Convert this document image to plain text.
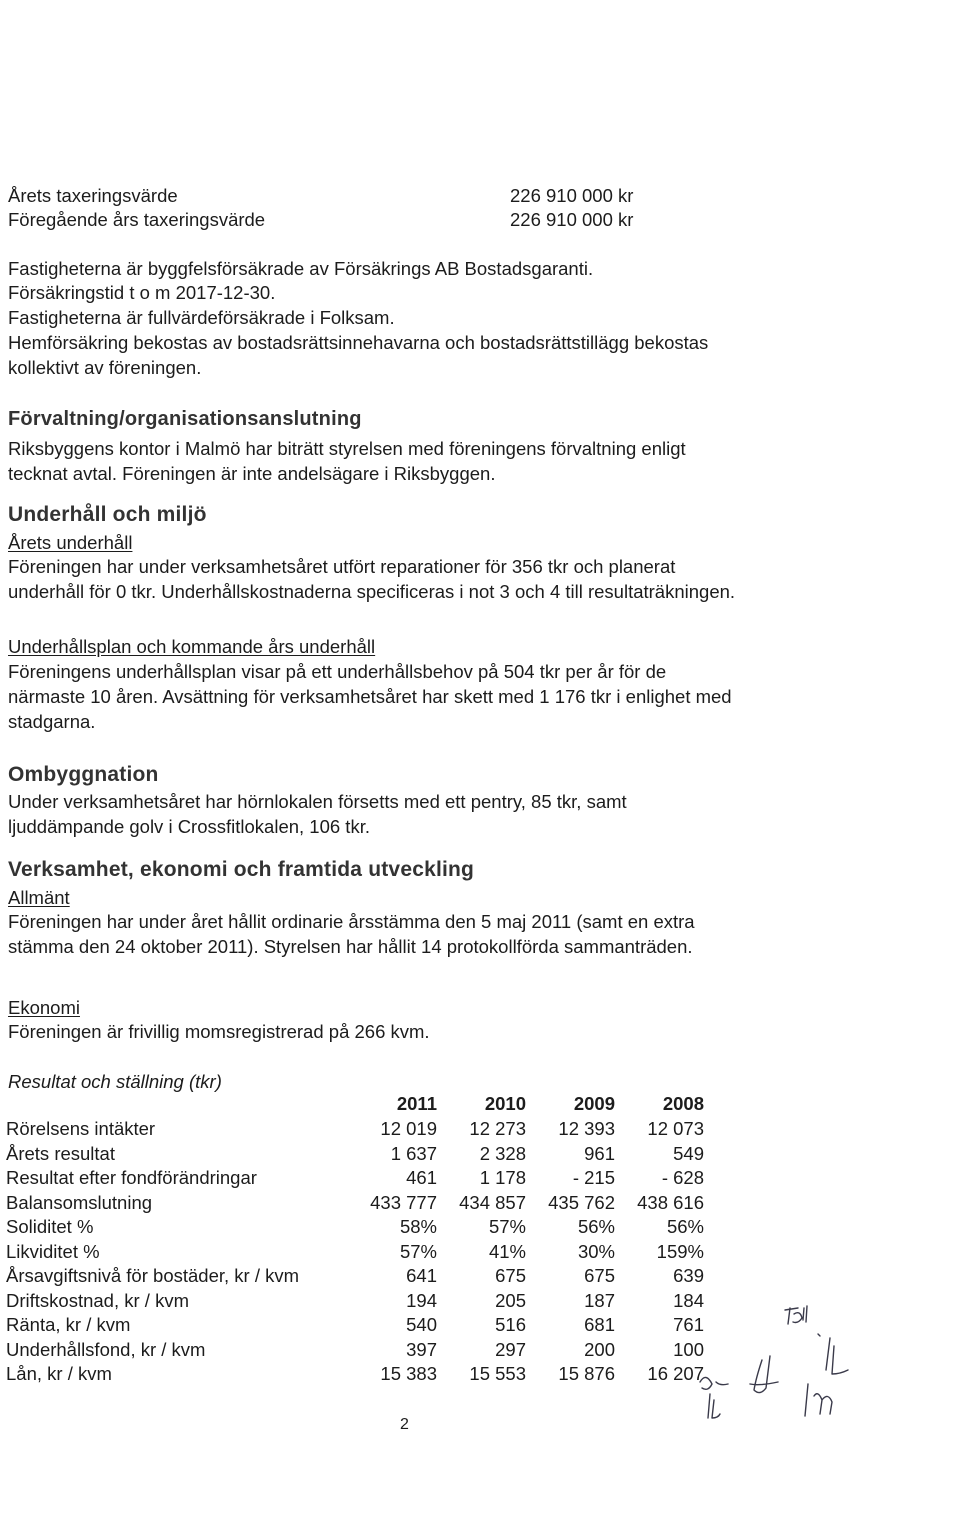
Årets taxeringsvärde	226 910 000 kr
Föregående års taxeringsvärde	226 910 000 kr
Fastigheterna är byggfelsförsäkrade av Försäkrings AB Bostadsgaranti.
Försäkringstid t o m 2017-12-30.
Fastigheterna är fullvärdeförsäkrade i Folksam.
Hemförsäkring bekostas av bostadsrättsinnehavarna och bostadsrättstillägg bekostas
kollektivt av föreningen.
Förvaltning/organisationsanslutning
Riksbyggens kontor i Malmö har biträtt styrelsen med föreningens förvaltning enligt
tecknat avtal. Föreningen är inte andelsägare i Riksbyggen.
Underhåll och miljö
Årets underhåll
Föreningen har under verksamhetsåret utfört reparationer för 356 tkr och planerat
underhåll för 0 tkr. Underhållskostnaderna specificeras i not 3 och 4 till resultaträkningen.
Underhållsplan och kommande års underhåll
Föreningens underhållsplan visar på ett underhållsbehov på 504 tkr per år för de
närmaste 10 åren. Avsättning för verksamhetsåret har skett med 1 176 tkr i enlighet med
stadgarna.
Ombyggnation
Under verksamhetsåret har hörnlokalen försetts med ett pentry, 85 tkr, samt
ljuddämpande golv i Crossfitlokalen, 106 tkr.
Verksamhet, ekonomi och framtida utveckling
Allmänt
Föreningen har under året hållit ordinarie årsstämma den 5 maj 2011 (samt en extra
stämma den 24 oktober 2011). Styrelsen har hållit 14 protokollförda sammanträden.
Ekonomi
Föreningen är frivillig momsregistrerad på 266 kvm.
Resultat och ställning (tkr)
2011	2010	2009	2008
Rörelsens intäkter	12 019	12 273	12 393	12 073
Årets resultat	1 637	2 328	961	549
Resultat efter fondförändringar	461	1 178	- 215	- 628
Balansomslutning	433 777	434 857	435 762	438 616
Soliditet %	58%	57%	56%	56%
Likviditet %	57%	41%	30%	159%
Årsavgiftsnivå för bostäder, kr / kvm	641	675	675	639
Driftskostnad, kr / kvm	194	205	187	184
Ränta, kr / kvm	540	516	681	761
Underhållsfond, kr / kvm	397	297	200	100
Lån, kr / kvm	15 383	15 553	15 876	16 207
2
